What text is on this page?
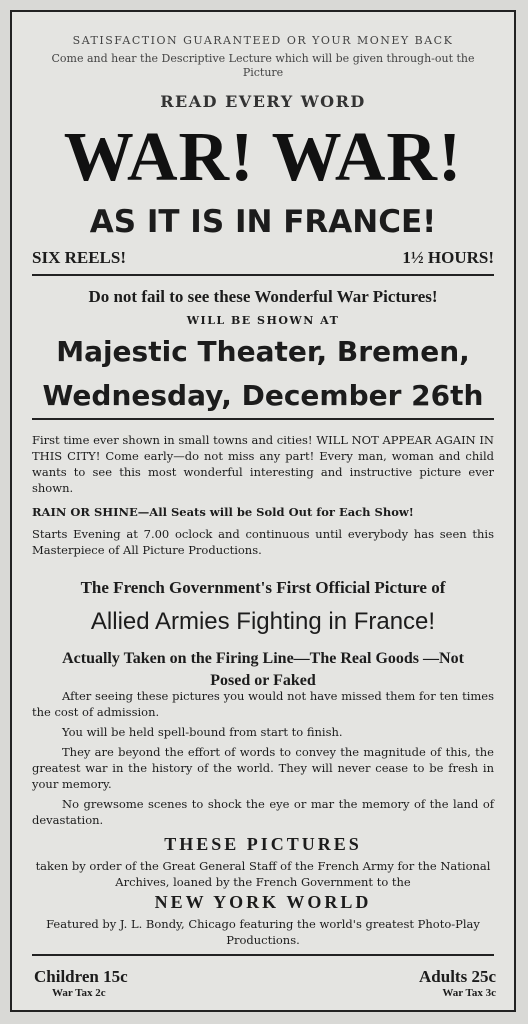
SATISFACTION GUARANTEED OR YOUR MONEY BACK
Come and hear the Descriptive Lecture which will be given through-out the Picture
READ EVERY WORD
WAR! WAR!
AS IT IS IN FRANCE!
SIX REELS!	1½ HOURS!
Do not fail to see these Wonderful War Pictures!
WILL BE SHOWN AT
Majestic Theater, Bremen,
Wednesday, December 26th
First time ever shown in small towns and cities! WILL NOT APPEAR AGAIN IN THIS CITY! Come early—do not miss any part! Every man, woman and child wants to see this most wonderful interesting and instructive picture ever shown.
RAIN OR SHINE—All Seats will be Sold Out for Each Show!
Starts Evening at 7.00 oclock and continuous until everybody has seen this Masterpiece of All Picture Productions.
The French Government's First Official Picture of
Allied Armies Fighting in France!
Actually Taken on the Firing Line—The Real Goods —Not Posed or Faked

After seeing these pictures you would not have missed them for ten times the cost of admission.

You will be held spell-bound from start to finish.

They are beyond the effort of words to convey the magnitude of this, the greatest war in the history of the world. They will never cease to be fresh in your memory.

No grewsome scenes to shock the eye or mar the memory of the land of devastation.

THESE PICTURES
taken by order of the Great General Staff of the French Army for the National Archives, loaned by the French Government to the
NEW YORK WORLD
Featured by J. L. Bondy, Chicago featuring the world's greatest Photo-Play Productions.
Children 15c
War Tax 2c
Adults 25c
War Tax 3c
